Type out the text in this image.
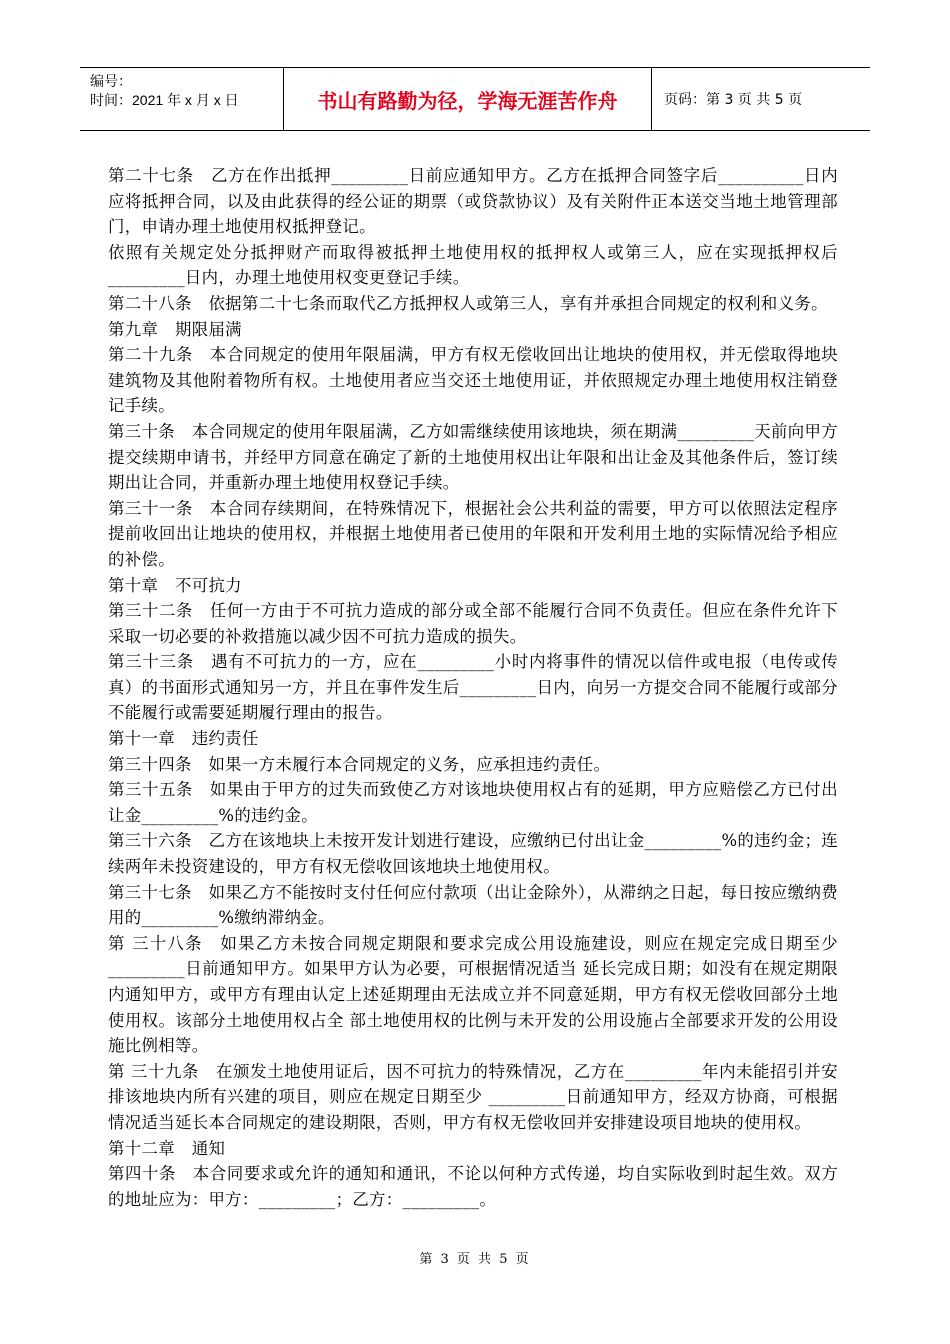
编号：
时间：2021 年 x 月 x 日	书山有路勤为径，学海无涯苦作舟	页码：第 3 页 共 5 页

第二十七条　乙方在作出抵押_________日前应通知甲方。乙方在抵押合同签字后__________日内应将抵押合同，以及由此获得的经公证的期票（或贷款协议）及有关附件正本送交当地土地管理部门，申请办理土地使用权抵押登记。

依照有关规定处分抵押财产而取得被抵押土地使用权的抵押权人或第三人，应在实现抵押权后_________日内，办理土地使用权变更登记手续。

第二十八条　依据第二十七条而取代乙方抵押权人或第三人，享有并承担合同规定的权利和义务。

第九章　期限届满

第二十九条　本合同规定的使用年限届满，甲方有权无偿收回出让地块的使用权，并无偿取得地块建筑物及其他附着物所有权。土地使用者应当交还土地使用证，并依照规定办理土地使用权注销登记手续。

第三十条　本合同规定的使用年限届满，乙方如需继续使用该地块，须在期满_________天前向甲方提交续期申请书，并经甲方同意在确定了新的土地使用权出让年限和出让金及其他条件后，签订续期出让合同，并重新办理土地使用权登记手续。

第三十一条　本合同存续期间，在特殊情况下，根据社会公共利益的需要，甲方可以依照法定程序提前收回出让地块的使用权，并根据土地使用者已使用的年限和开发利用土地的实际情况给予相应的补偿。

第十章　不可抗力

第三十二条　任何一方由于不可抗力造成的部分或全部不能履行合同不负责任。但应在条件允许下采取一切必要的补救措施以减少因不可抗力造成的损失。

第三十三条　遇有不可抗力的一方，应在_________小时内将事件的情况以信件或电报（电传或传真）的书面形式通知另一方，并且在事件发生后_________日内，向另一方提交合同不能履行或部分不能履行或需要延期履行理由的报告。

第十一章　违约责任

第三十四条　如果一方未履行本合同规定的义务，应承担违约责任。

第三十五条　如果由于甲方的过失而致使乙方对该地块使用权占有的延期，甲方应赔偿乙方已付出让金_________%的违约金。

第三十六条　乙方在该地块上未按开发计划进行建设，应缴纳已付出让金_________%的违约金；连续两年未投资建设的，甲方有权无偿收回该地块土地使用权。

第三十七条　如果乙方不能按时支付任何应付款项（出让金除外），从滞纳之日起，每日按应缴纳费用的_________%缴纳滞纳金。

第 三十八条　如果乙方未按合同规定期限和要求完成公用设施建设，则应在规定完成日期至少_________日前通知甲方。如果甲方认为必要，可根据情况适当 延长完成日期；如没有在规定期限内通知甲方，或甲方有理由认定上述延期理由无法成立并不同意延期，甲方有权无偿收回部分土地使用权。该部分土地使用权占全 部土地使用权的比例与未开发的公用设施占全部要求开发的公用设施比例相等。

第 三十九条　在颁发土地使用证后，因不可抗力的特殊情况，乙方在_________年内未能招引并安排该地块内所有兴建的项目，则应在规定日期至少 _________日前通知甲方，经双方协商，可根据情况适当延长本合同规定的建设期限，否则，甲方有权无偿收回并安排建设项目地块的使用权。

第十二章　通知

第四十条　本合同要求或允许的通知和通讯，不论以何种方式传递，均自实际收到时起生效。双方的地址应为：甲方：_________；乙方：_________。

第 3 页 共 5 页
